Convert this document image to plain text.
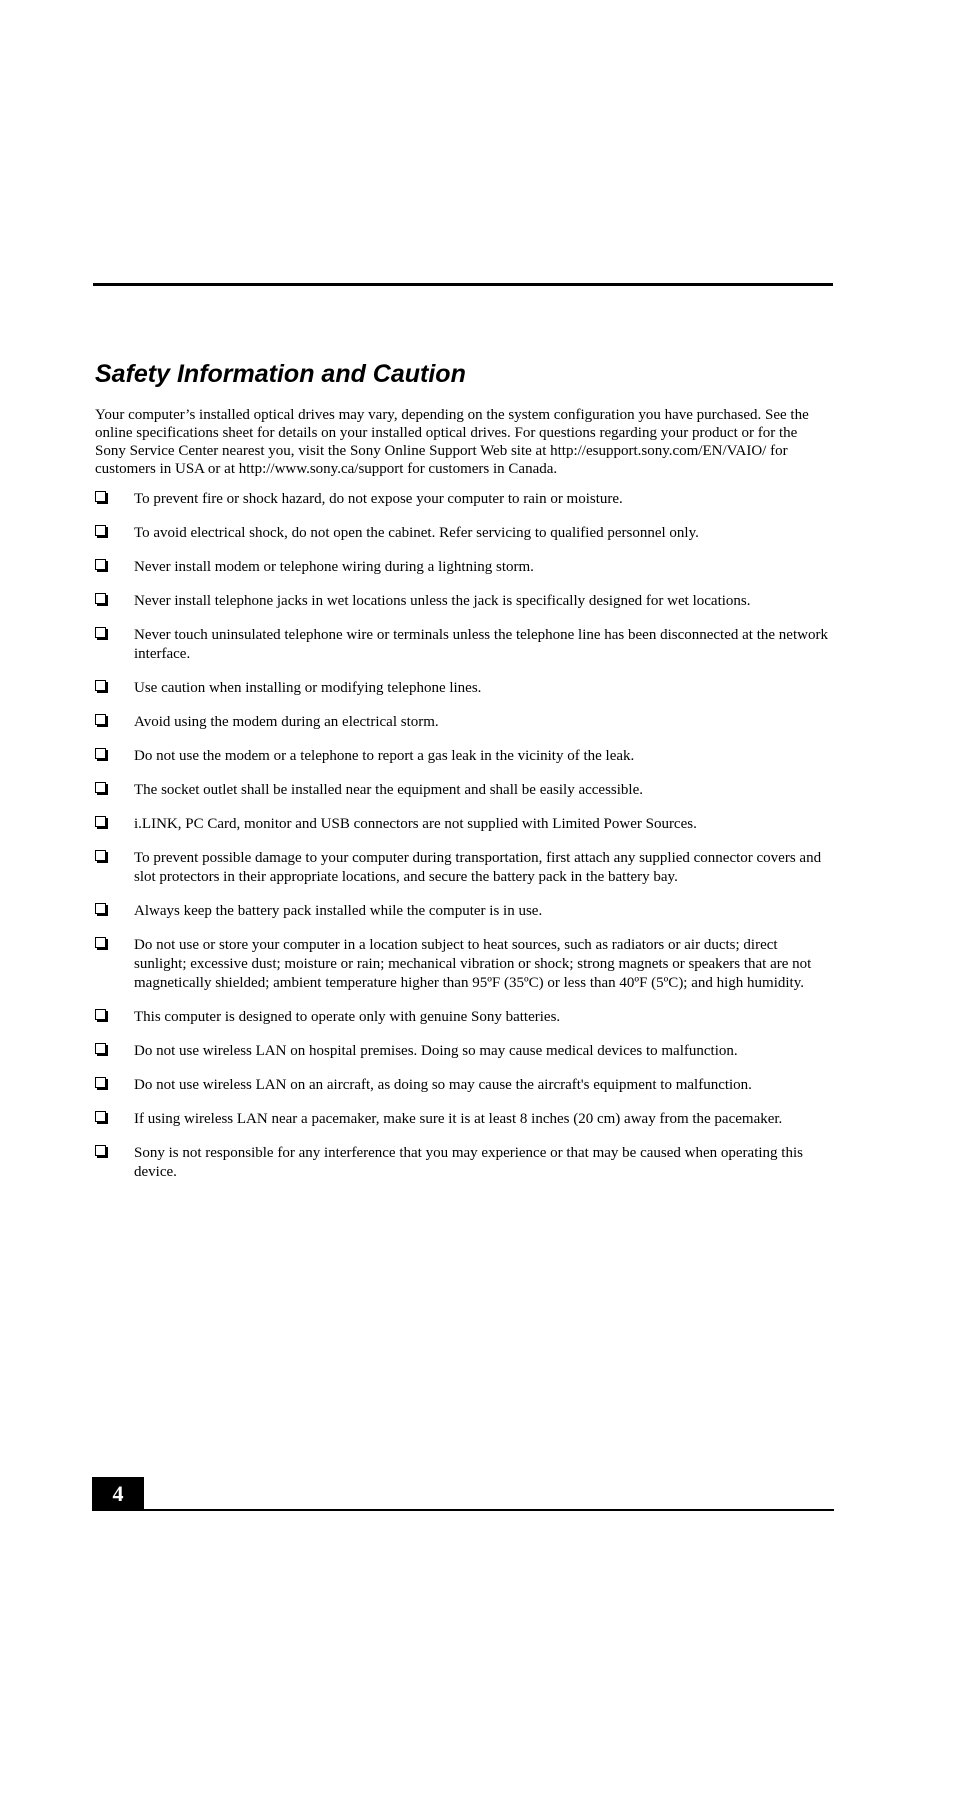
Safety Information and Caution

Your computer’s installed optical drives may vary, depending on the system configuration you have purchased. See the online specifications sheet for details on your installed optical drives. For questions regarding your product or for the Sony Service Center nearest you, visit the Sony Online Support Web site at http://esupport.sony.com/EN/VAIO/ for customers in USA or at http://www.sony.ca/support for customers in Canada.

To prevent fire or shock hazard, do not expose your computer to rain or moisture.
To avoid electrical shock, do not open the cabinet. Refer servicing to qualified personnel only.
Never install modem or telephone wiring during a lightning storm.
Never install telephone jacks in wet locations unless the jack is specifically designed for wet locations.
Never touch uninsulated telephone wire or terminals unless the telephone line has been disconnected at the network interface.
Use caution when installing or modifying telephone lines.
Avoid using the modem during an electrical storm.
Do not use the modem or a telephone to report a gas leak in the vicinity of the leak.
The socket outlet shall be installed near the equipment and shall be easily accessible.
i.LINK, PC Card, monitor and USB connectors are not supplied with Limited Power Sources.
To prevent possible damage to your computer during transportation, first attach any supplied connector covers and slot protectors in their appropriate locations, and secure the battery pack in the battery bay.
Always keep the battery pack installed while the computer is in use.
Do not use or store your computer in a location subject to heat sources, such as radiators or air ducts; direct sunlight; excessive dust; moisture or rain; mechanical vibration or shock; strong magnets or speakers that are not magnetically shielded; ambient temperature higher than 95ºF (35ºC) or less than 40ºF (5ºC); and high humidity.
This computer is designed to operate only with genuine Sony batteries.
Do not use wireless LAN on hospital premises. Doing so may cause medical devices to malfunction.
Do not use wireless LAN on an aircraft, as doing so may cause the aircraft's equipment to malfunction.
If using wireless LAN near a pacemaker, make sure it is at least 8 inches (20 cm) away from the pacemaker.
Sony is not responsible for any interference that you may experience or that may be caused when operating this device.
4
